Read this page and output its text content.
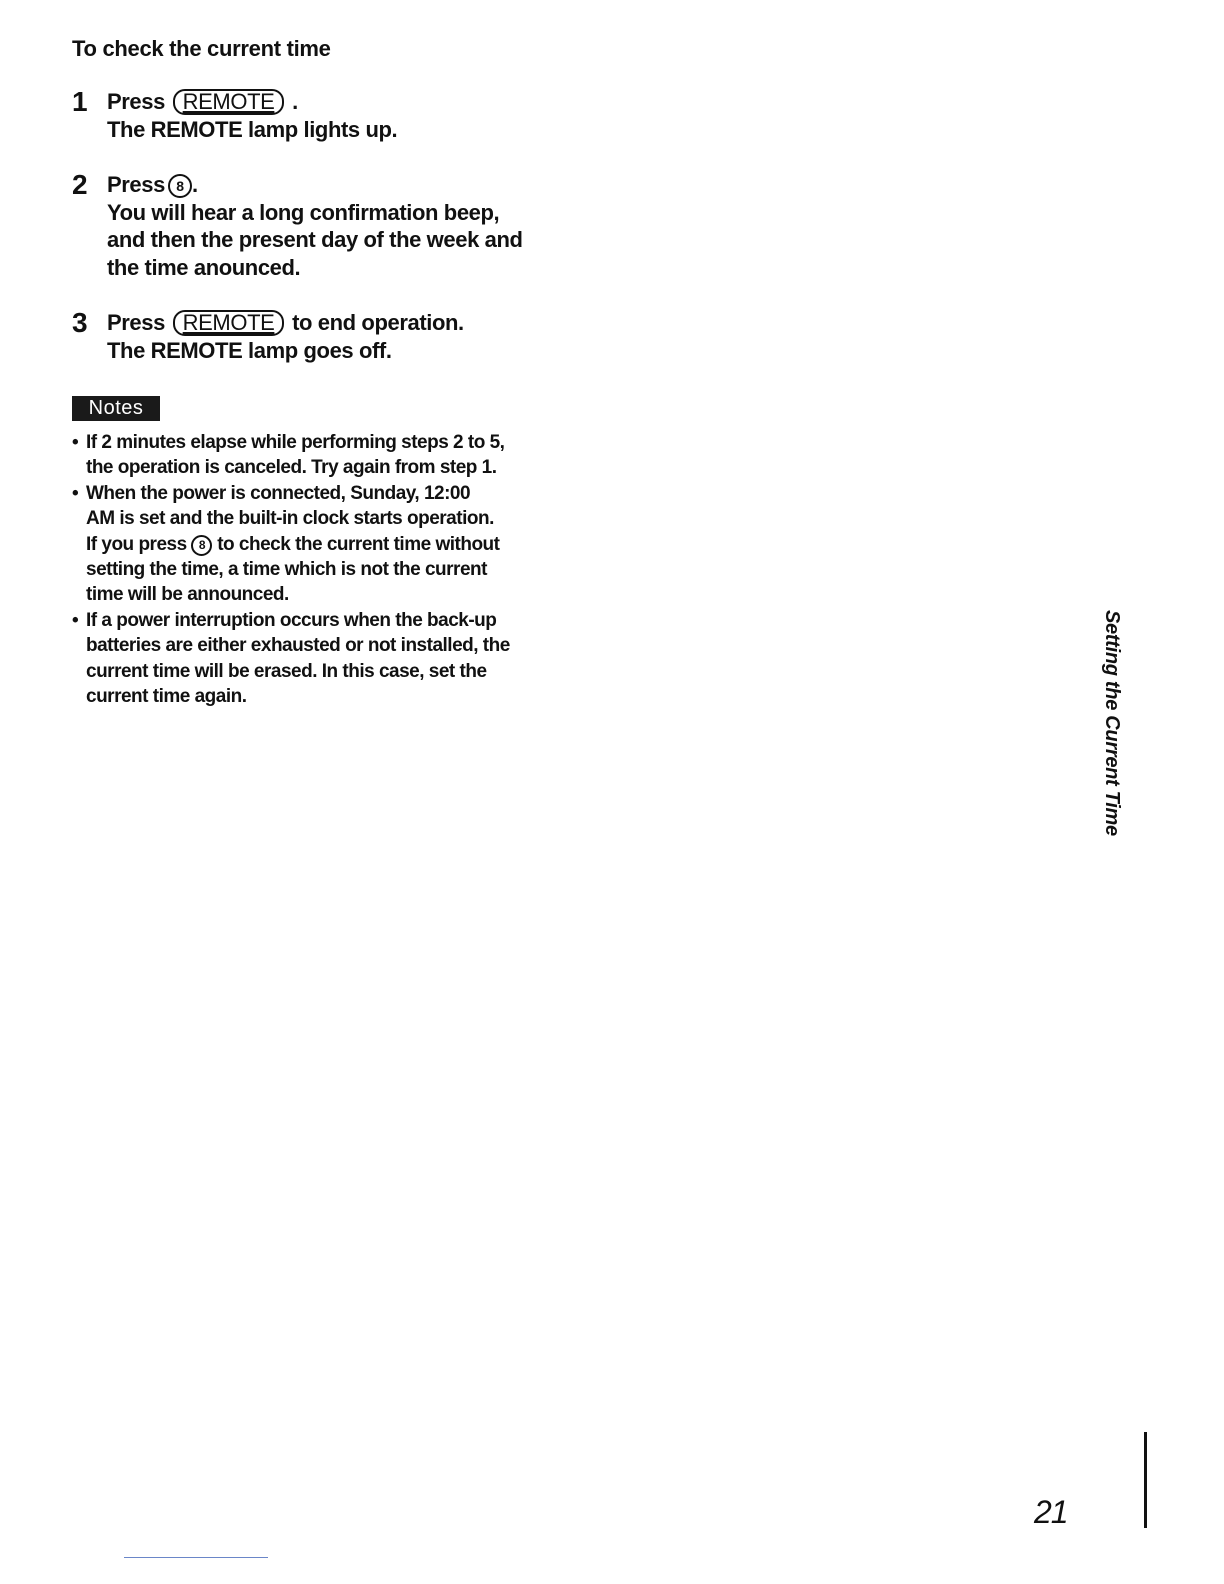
To check the current time
1 Press REMOTE .
The REMOTE lamp lights up.
2 Press 8 .
You will hear a long confirmation beep,
and then the present day of the week and
the time anounced.
3 Press REMOTE to end operation.
The REMOTE lamp goes off.
Notes
• If 2 minutes elapse while performing steps 2 to 5,
the operation is canceled. Try again from step 1.
• When the power is connected, Sunday, 12:00
AM is set and the built-in clock starts operation.
If you press 8 to check the current time without
setting the time, a time which is not the current
time will be announced.
• If a power interruption occurs when the back-up
batteries are either exhausted or not installed, the
current time will be erased. In this case, set the
current time again.	Setting the Current Time
21
